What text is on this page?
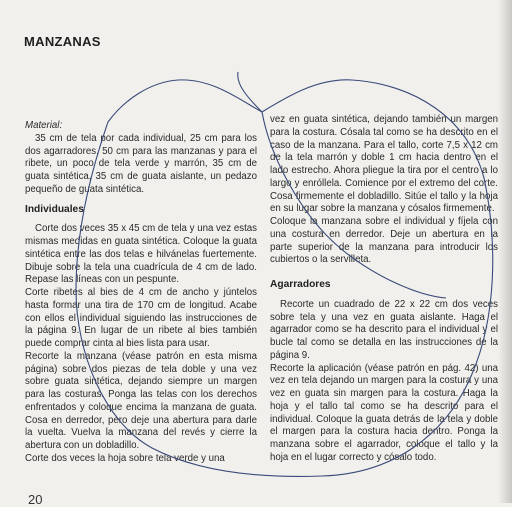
MANZANAS

Material:

35 cm de tela por cada individual, 25 cm para los dos agarradores, 50 cm para las manzanas y para el ribete, un poco de tela verde y marrón, 35 cm de guata sintética, 35 cm de guata aislante, un pedazo pequeño de guata sintética.

Individuales

Corte dos veces 35 x 45 cm de tela y una vez estas mismas medidas en guata sintética. Coloque la guata sintética entre las dos telas e hilvánelas fuertemente. Dibuje sobre la tela una cuadrícula de 4 cm de lado. Repase las líneas con un pespunte.

Corte ribetes al bies de 4 cm de ancho y júntelos hasta formar una tira de 170 cm de longitud. Acabe con ellos el individual siguiendo las instrucciones de la página 9. En lugar de un ribete al bies también puede comprar cinta al bies lista para usar.

Recorte la manzana (véase patrón en esta misma página) sobre dos piezas de tela doble y una vez sobre guata sintética, dejando siempre un margen para las costuras. Ponga las telas con los derechos enfrentados y coloque encima la manzana de guata. Cosa en derredor, pero deje una abertura para darle la vuelta. Vuelva la manzana del revés y cierre la abertura con un dobladillo.

Corte dos veces la hoja sobre tela verde y una

vez en guata sintética, dejando también un margen para la costura. Cósala tal como se ha descrito en el caso de la manzana. Para el tallo, corte 7,5 x 12 cm de la tela marrón y doble 1 cm hacia dentro en el lado estrecho. Ahora pliegue la tira por el centro a lo largo y enróllela. Comience por el extremo del corte. Cosa firmemente el dobladillo. Sitúe el tallo y la hoja en su lugar sobre la manzana y cósalos firmemente.

Coloque la manzana sobre el individual y fíjela con una costura en derredor. Deje un abertura en la parte superior de la manzana para introducir los cubiertos o la servilleta.

Agarradores

Recorte un cuadrado de 22 x 22 cm dos veces sobre tela y una vez en guata aislante. Haga el agarrador como se ha descrito para el individual y el bucle tal como se detalla en las instrucciones de la página 9.

Recorte la aplicación (véase patrón en pág. 42) una vez en tela dejando un margen para la costura y una vez en guata sin margen para la costura. Haga la hoja y el tallo tal como se ha descrito para el individual. Coloque la guata detrás de la tela y doble el margen para la costura hacia dentro. Ponga la manzana sobre el agarrador, coloque el tallo y la hoja en el lugar correcto y cósalo todo.

20
